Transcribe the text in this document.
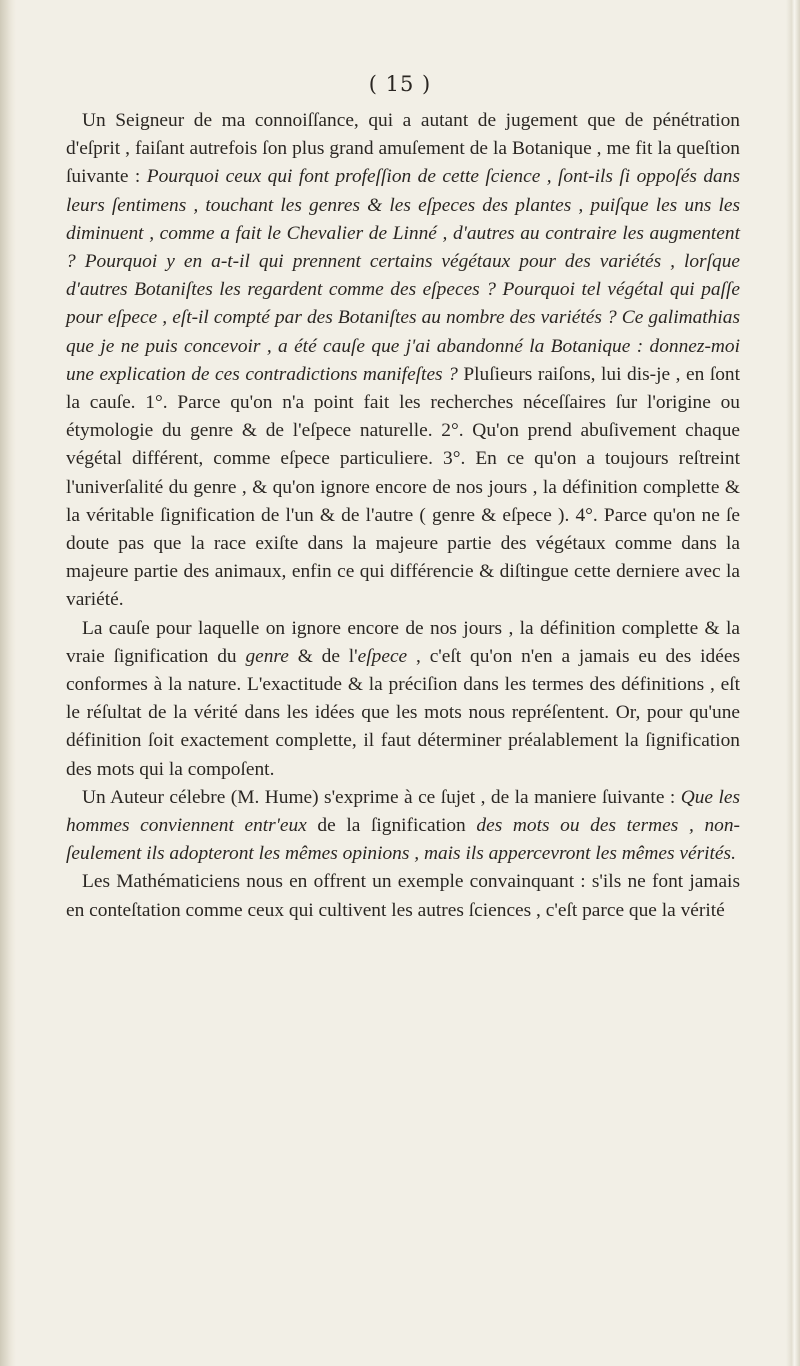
( 15 )

Un Seigneur de ma connoiſſance, qui a autant de jugement que de pénétration d'eſprit , faiſant autrefois ſon plus grand amuſement de la Botanique , me fit la queſtion ſuivante : Pourquoi ceux qui font profeſſion de cette ſcience , ſont-ils ſi oppoſés dans leurs ſentimens , touchant les genres & les eſpeces des plantes , puiſque les uns les diminuent , comme a fait le Chevalier de Linné , d'autres au contraire les augmentent ? Pourquoi y en a-t-il qui prennent certains végétaux pour des variétés , lorſque d'autres Botaniſtes les regardent comme des eſpeces ? Pourquoi tel végétal qui paſſe pour eſpece , eſt-il compté par des Botaniſtes au nombre des variétés ? Ce galimathias que je ne puis concevoir , a été cauſe que j'ai abandonné la Botanique : donnez-moi une explication de ces contradictions manifeſtes ? Pluſieurs raiſons, lui dis-je , en ſont la cauſe. 1°. Parce qu'on n'a point fait les recherches néceſſaires ſur l'origine ou étymologie du genre & de l'eſpece naturelle. 2°. Qu'on prend abuſivement chaque végétal différent, comme eſpece particuliere. 3°. En ce qu'on a toujours reſtreint l'univerſalité du genre , & qu'on ignore encore de nos jours , la définition complette & la véritable ſignification de l'un & de l'autre ( genre & eſpece ). 4°. Parce qu'on ne ſe doute pas que la race exiſte dans la majeure partie des végétaux comme dans la majeure partie des animaux, enfin ce qui différencie & diſtingue cette derniere avec la variété.

La cauſe pour laquelle on ignore encore de nos jours , la définition complette & la vraie ſignification du genre & de l'eſpece , c'eſt qu'on n'en a jamais eu des idées conformes à la nature. L'exactitude & la préciſion dans les termes des définitions , eſt le réſultat de la vérité dans les idées que les mots nous repréſentent. Or, pour qu'une définition ſoit exactement complette, il faut déterminer préalablement la ſignification des mots qui la compoſent.

Un Auteur célebre (M. Hume) s'exprime à ce ſujet , de la maniere ſuivante : Que les hommes conviennent entr'eux de la ſignification des mots ou des termes , non-ſeulement ils adopteront les mêmes opinions , mais ils appercevront les mêmes vérités.

Les Mathématiciens nous en offrent un exemple convainquant : s'ils ne font jamais en conteſtation comme ceux qui cultivent les autres ſciences , c'eſt parce que la vérité
